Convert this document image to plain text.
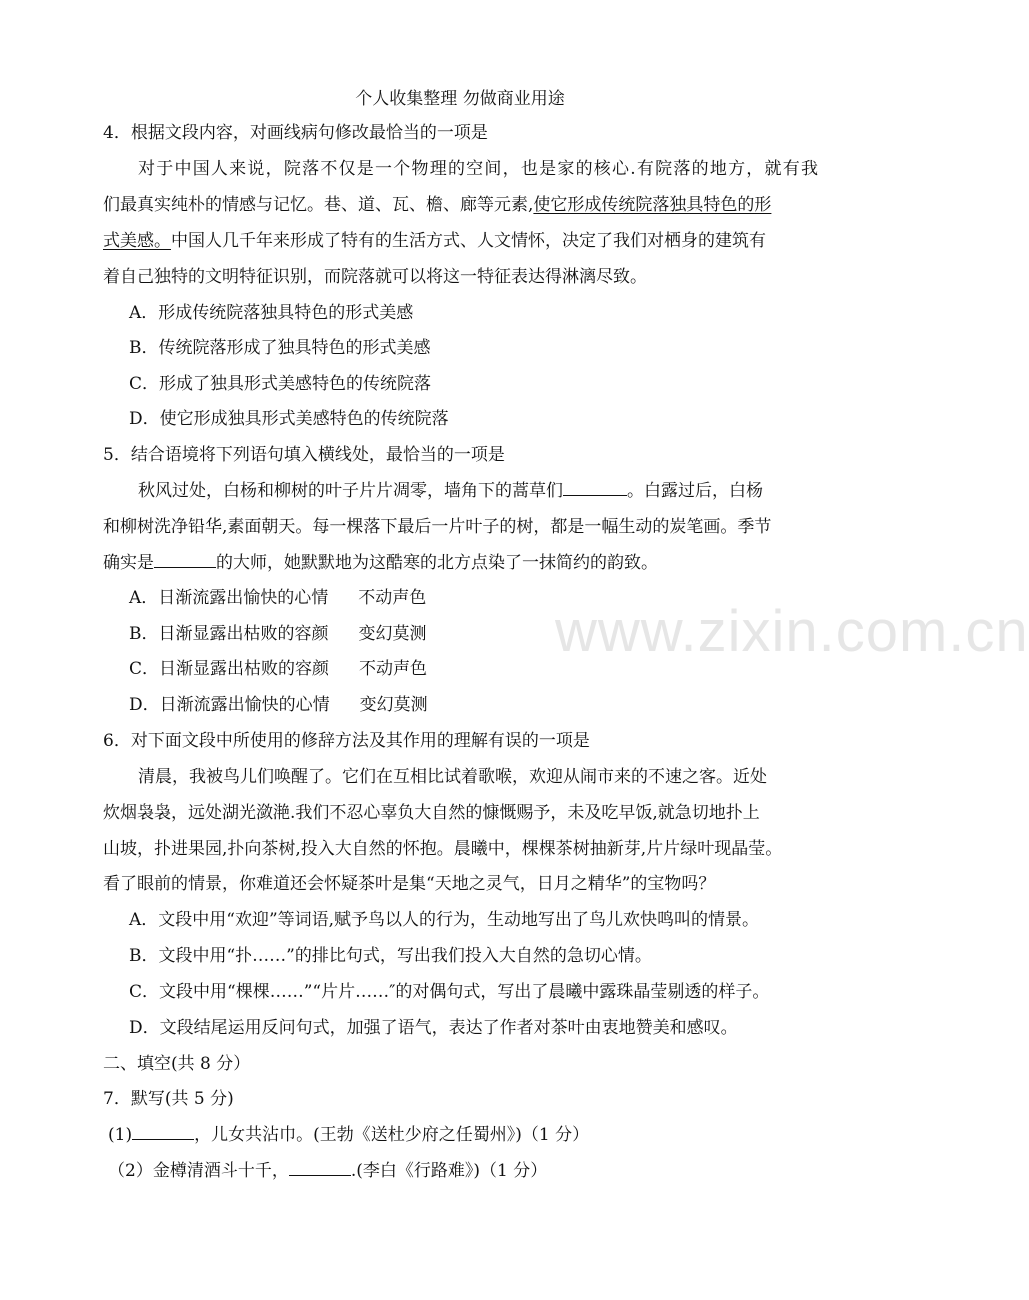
www.zixin.com.cn
个人收集整理 勿做商业用途
4．根据文段内容，对画线病句修改最恰当的一项是
对于中国人来说，院落不仅是一个物理的空间，也是家的核心.有院落的地方，就有我
们最真实纯朴的情感与记忆。巷、道、瓦、檐、廊等元素,使它形成传统院落独具特色的形
式美感。中国人几千年来形成了特有的生活方式、人文情怀，决定了我们对栖身的建筑有
着自己独特的文明特征识别，而院落就可以将这一特征表达得淋漓尽致。
A．形成传统院落独具特色的形式美感
B．传统院落形成了独具特色的形式美感
C．形成了独具形式美感特色的传统院落
D．使它形成独具形式美感特色的传统院落
5．结合语境将下列语句填入横线处，最恰当的一项是
秋风过处，白杨和柳树的叶子片片凋零，墙角下的蒿草们	。白露过后，白杨
和柳树洗净铅华,素面朝天。每一棵落下最后一片叶子的树，都是一幅生动的炭笔画。季节
确实是	的大师，她默默地为这酷寒的北方点染了一抹简约的韵致。
A．日渐流露出愉快的心情 不动声色
B．日渐显露出枯败的容颜 变幻莫测
C．日渐显露出枯败的容颜 不动声色
D．日渐流露出愉快的心情 变幻莫测
6．对下面文段中所使用的修辞方法及其作用的理解有误的一项是
清晨，我被鸟儿们唤醒了。它们在互相比试着歌喉，欢迎从闹市来的不速之客。近处
炊烟袅袅，远处湖光潋滟.我们不忍心辜负大自然的慷慨赐予，未及吃早饭,就急切地扑上
山坡，扑进果园,扑向茶树,投入大自然的怀抱。晨曦中，棵棵茶树抽新芽,片片绿叶现晶莹。
看了眼前的情景，你难道还会怀疑茶叶是集“天地之灵气，日月之精华”的宝物吗？
A．文段中用“欢迎”等词语,赋予鸟以人的行为，生动地写出了鸟儿欢快鸣叫的情景。
B．文段中用“扑……”的排比句式，写出我们投入大自然的急切心情。
C．文段中用“棵棵……”“片片……″的对偶句式，写出了晨曦中露珠晶莹剔透的样子。
D．文段结尾运用反问句式，加强了语气，表达了作者对茶叶由衷地赞美和感叹。
二、填空(共 8 分）
7．默写(共 5 分)
(1)	，儿女共沾巾。(王勃《送杜少府之任蜀州》)（1 分）
（2）金樽清酒斗十千，	.(李白《行路难》)（1 分）
